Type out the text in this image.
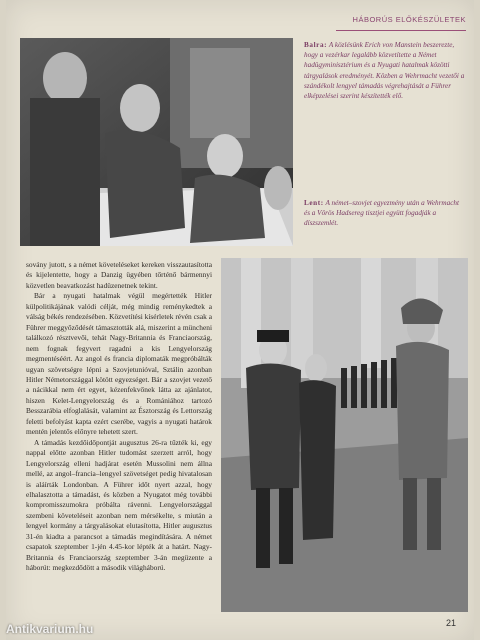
HÁBORÚS ELŐKÉSZÜLETEK
Balra: A közlésünk Erich von Manstein beszerezte, hogy a vezérkar legalább közvetítette a Német hadügyminisztérium és a Nyugati hatalmak közötti tárgyalások eredményét. Közben a Wehrmacht vezetői a szándékolt lengyel támadás végrehajtását a Führer elképzelései szerint készítették elő.
Lent: A német–szovjet egyezmény után a Wehrmacht és a Vörös Hadsereg tisztjei együtt fogadják a díszszemlét.

sovány jutott, s a német követeléseket kereken visszautasította és kijelentette, hogy a Danzig ügyében tőrténő bármennyi közvetlen beavatkozást hadüzenetnek tekint.

Bár a nyugati hatalmak végül megértették Hitler külpolitikájának valódi célját, még mindig reménykedtek a válság békés rendezésében. Közvetítési kísérletek révén csak a Führer meggyőződését támasztották alá, miszerint a müncheni találkozó résztvevői, tehát Nagy-Britannia és Franciaország, nem fognak fegyvert ragadni a kis Lengyelország megmentéséért. Az angol és francia diplomaták megpróbálták ugyan szövetségre lépni a Szovjetunióval, Sztálin azonban Hitler Németországgal kötött egyezséget. Bár a szovjet vezető a nácikkal nem ért egyet, kézenfekvőnek látta az ajánlatot, hiszen Kelet-Lengyelország és a Romániához tartozó Besszarábia elfoglalását, valamint az Észtország és Lettország feletti befolyást kapta ezért cserébe, vagyis a nyugati határok mentén jelentős előnyre tehetett szert.

A támadás kezdőidőpontját augusztus 26-ra tűzték ki, egy nappal előtte azonban Hitler tudomást szerzett arról, hogy Lengyelország elleni hadjárat esetén Mussolini nem állna mellé, az angol–francia–lengyel szövetséget pedig hivatalosan is aláírták Londonban. A Führer időt nyert azzal, hogy elhalasztotta a támadást, és közben a Nyugatot még további kompromisszumokra próbálta rávenni. Lengyelországgal szembeni követeléseit azonban nem mérsékelte, s miután a lengyel kormány a tárgyalásokat elutasította, Hitler augusztus 31-én kiadta a parancsot a támadás megindítására. A német csapatok szeptember 1-jén 4.45-kor lépték át a határt. Nagy-Britannia és Franciaország szeptember 3-án megüzente a háborút: megkezdődött a második világháború.

21
Antikvarium.hu
